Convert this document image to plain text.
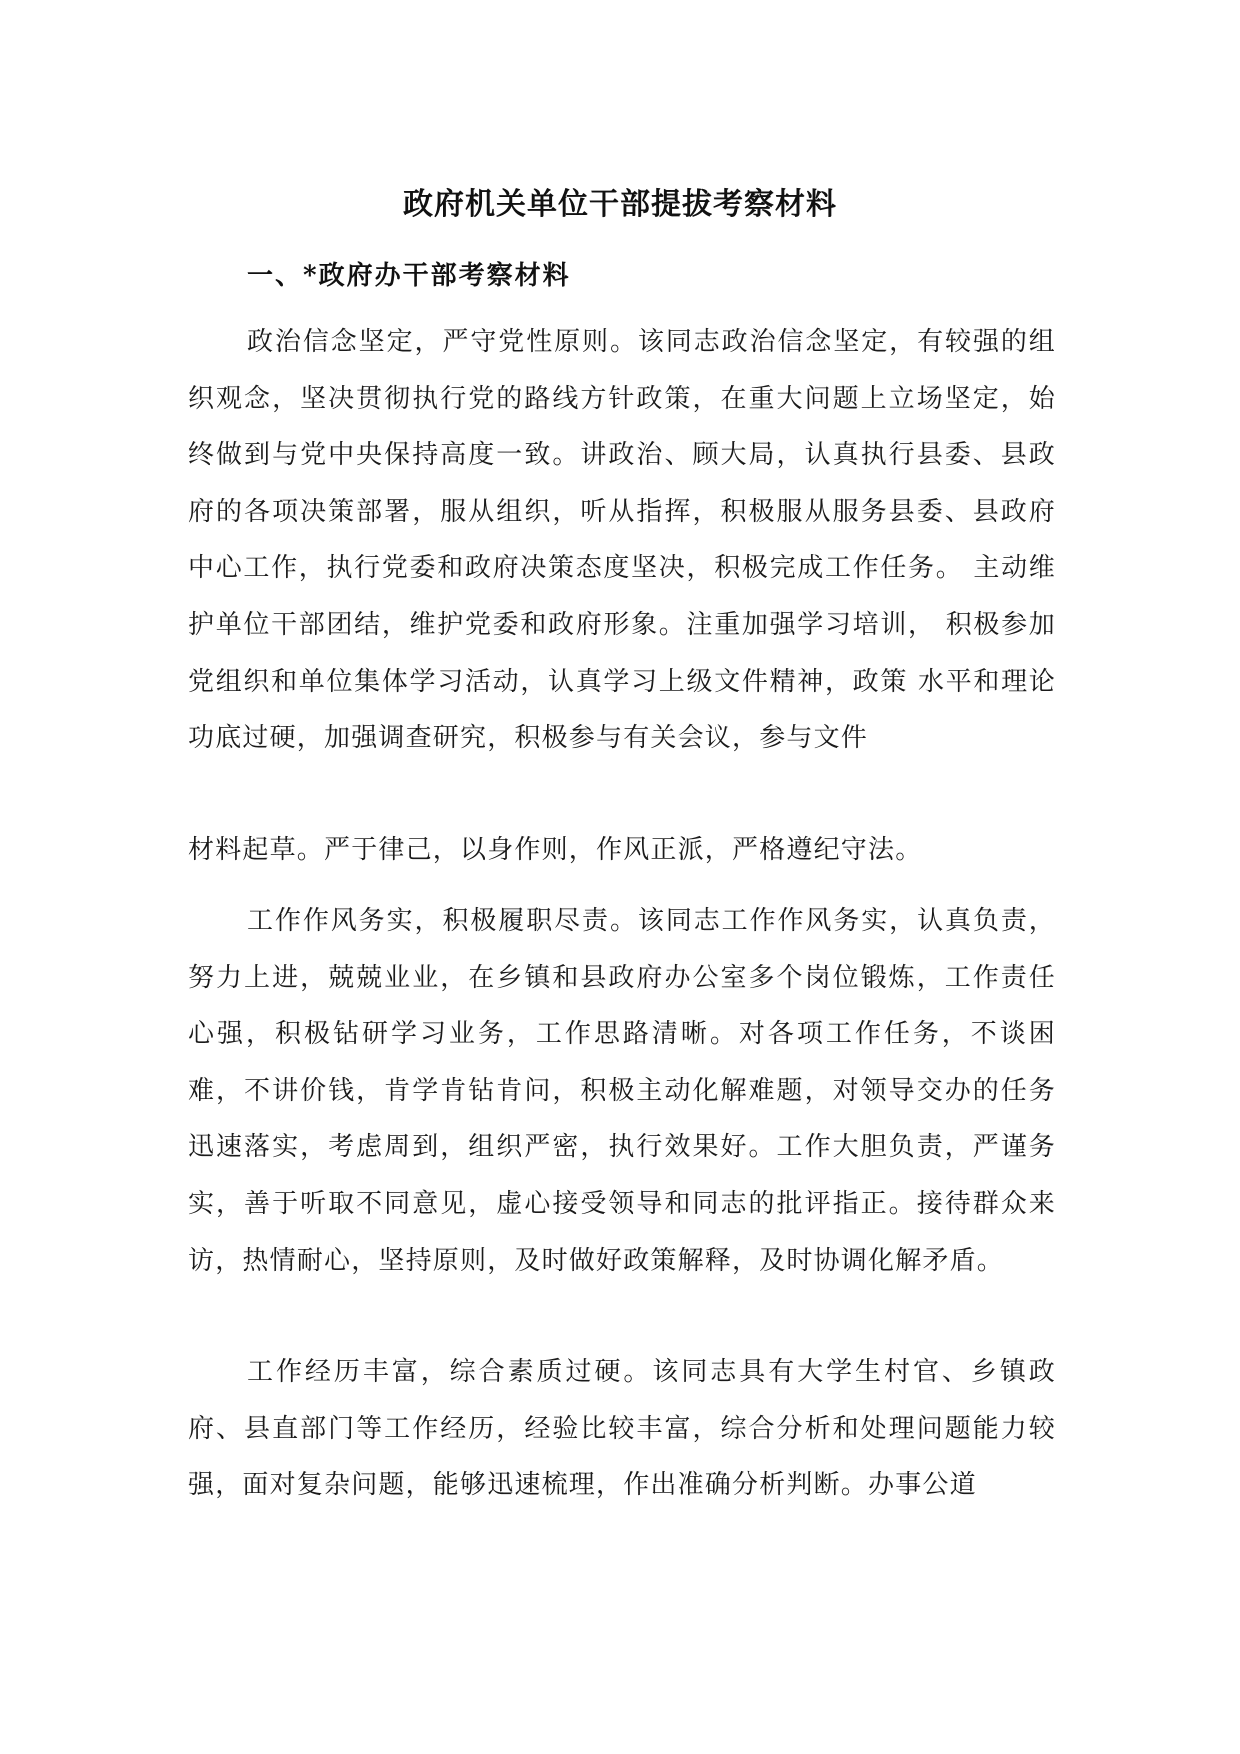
政府机关单位干部提拔考察材料
一、*政府办干部考察材料

政治信念坚定，严守党性原则。该同志政治信念坚定，有较强的组织观念，坚决贯彻执行党的路线方针政策，在重大问题上立场坚定，始终做到与党中央保持高度一致。讲政治、顾大局，认真执行县委、县政府的各项决策部署，服从组织，听从指挥，积极服从服务县委、县政府中心工作，执行党委和政府决策态度坚决，积极完成工作任务。 主动维护单位干部团结，维护党委和政府形象。注重加强学习培训， 积极参加党组织和单位集体学习活动，认真学习上级文件精神，政策 水平和理论功底过硬，加强调查研究，积极参与有关会议，参与文件

材料起草。严于律己，以身作则，作风正派，严格遵纪守法。

工作作风务实，积极履职尽责。该同志工作作风务实，认真负责，努力上进，兢兢业业，在乡镇和县政府办公室多个岗位锻炼，工作责任心强，积极钻研学习业务，工作思路清晰。对各项工作任务，不谈困难，不讲价钱，肯学肯钻肯问，积极主动化解难题，对领导交办的任务迅速落实，考虑周到，组织严密，执行效果好。工作大胆负责，严谨务实，善于听取不同意见，虚心接受领导和同志的批评指正。接待群众来访，热情耐心，坚持原则，及时做好政策解释，及时协调化解矛盾。

工作经历丰富，综合素质过硬。该同志具有大学生村官、乡镇政府、县直部门等工作经历，经验比较丰富，综合分析和处理问题能力较强，面对复杂问题，能够迅速梳理，作出准确分析判断。办事公道
